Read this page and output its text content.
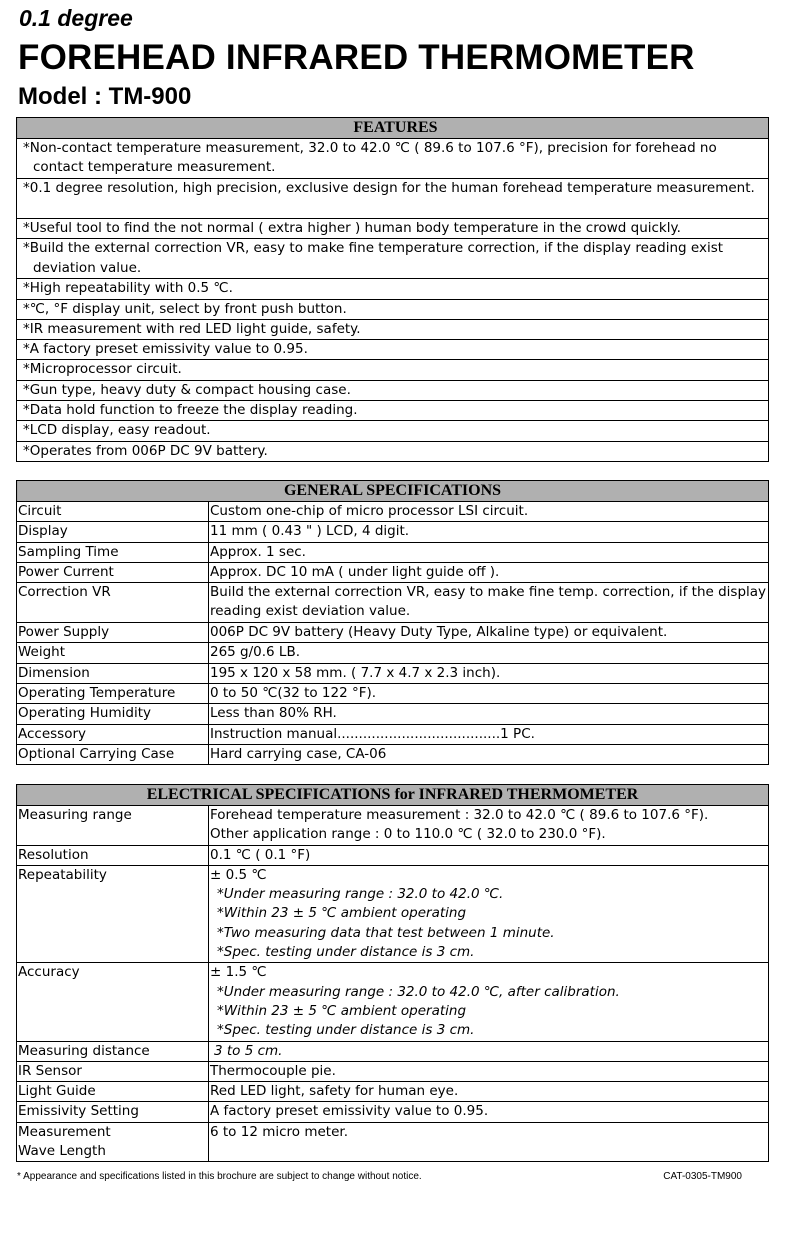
0.1 degree
FOREHEAD INFRARED THERMOMETER
Model : TM-900
FEATURES

*Non-contact temperature measurement, 32.0 to 42.0 ℃ ( 89.6 to 107.6 °F), precision for forehead no contact temperature measurement.

*0.1 degree resolution, high precision, exclusive design for the human forehead temperature measurement.

*Useful tool to find the not normal ( extra higher ) human body temperature in the crowd quickly.

*Build the external correction VR, easy to make fine temperature correction, if the display reading exist deviation value.

*High repeatability with 0.5 ℃.

*℃, °F display unit, select by front push button.

*IR measurement with red LED light guide, safety.

*A factory preset emissivity value to 0.95.

*Microprocessor circuit.

*Gun type, heavy duty & compact housing case.

*Data hold function to freeze the display reading.

*LCD display, easy readout.

*Operates from 006P DC 9V battery.
GENERAL SPECIFICATIONS	
Circuit	Custom one-chip of micro processor LSI circuit.
Display	11 mm ( 0.43 " ) LCD, 4 digit.
Sampling Time	Approx. 1 sec.
Power Current	Approx. DC 10 mA ( under light guide off ).
Correction VR	Build the external correction VR, easy to make fine temp. correction, if the display reading exist deviation value.
Power Supply	006P DC 9V battery (Heavy Duty Type, Alkaline type) or equivalent.
Weight	265 g/0.6 LB.
Dimension	195 x 120 x 58 mm. ( 7.7 x 4.7 x 2.3 inch).
Operating Temperature	0 to 50 ℃(32 to 122 °F).
Operating Humidity	Less than 80% RH.
Accessory	Instruction manual......................................1 PC.
Optional Carrying Case	Hard carrying case, CA-06
ELECTRICAL SPECIFICATIONS for INFRARED THERMOMETER	
Measuring range	Forehead temperature measurement : 32.0 to 42.0 ℃ ( 89.6 to 107.6 °F).
Other application range : 0 to 110.0 ℃ ( 32.0 to 230.0 °F).

Resolution	0.1 ℃ ( 0.1 °F)
Repeatability	± 0.5 ℃
*Under measuring range : 32.0 to 42.0 ℃.
*Within 23 ± 5 ℃ ambient operating
*Two measuring data that test between 1 minute.
*Spec. testing under distance is 3 cm.

Accuracy	± 1.5 ℃
*Under measuring range : 32.0 to 42.0 ℃, after calibration.
*Within 23 ± 5 ℃ ambient operating
*Spec. testing under distance is 3 cm.

Measuring distance	3 to 5 cm.
IR Sensor	Thermocouple pie.
Light Guide	Red LED light, safety for human eye.
Emissivity Setting	A factory preset emissivity value to 0.95.

Measurement
Wave Length	6 to 12 micro meter.
* Appearance and specifications listed in this brochure are subject to change without notice.	CAT-0305-TM900
